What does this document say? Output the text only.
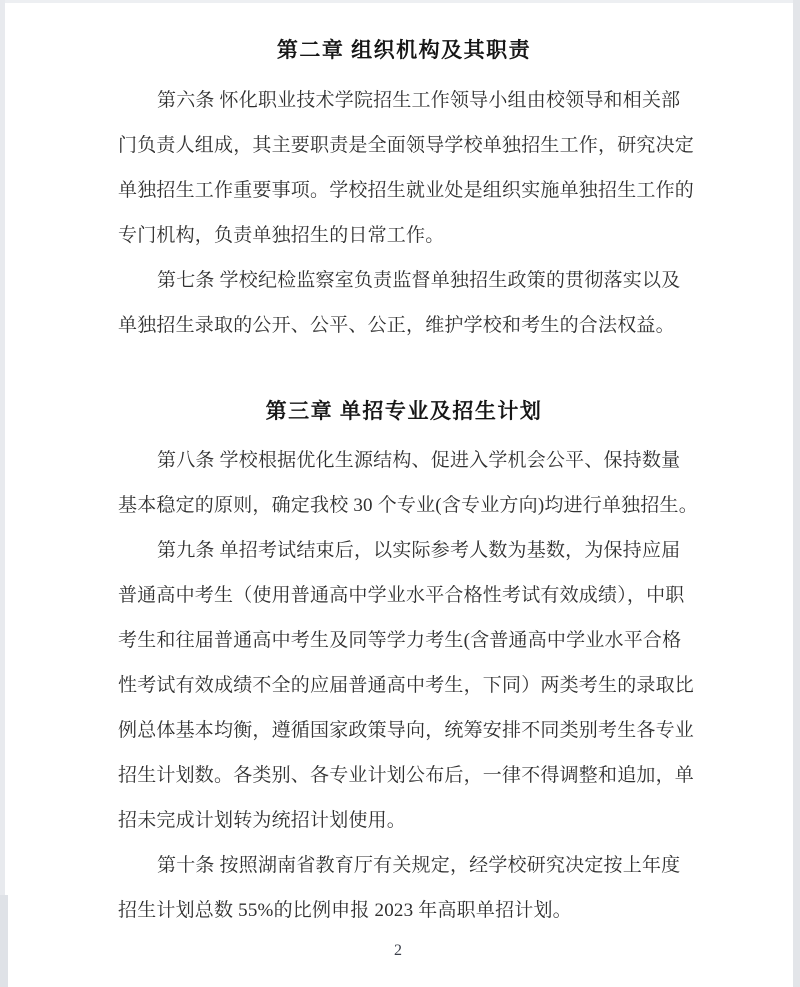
第二章 组织机构及其职责
第六条 怀化职业技术学院招生工作领导小组由校领导和相关部
门负责人组成，其主要职责是全面领导学校单独招生工作，研究决定
单独招生工作重要事项。学校招生就业处是组织实施单独招生工作的
专门机构，负责单独招生的日常工作。
第七条 学校纪检监察室负责监督单独招生政策的贯彻落实以及
单独招生录取的公开、公平、公正，维护学校和考生的合法权益。
第三章 单招专业及招生计划
第八条 学校根据优化生源结构、促进入学机会公平、保持数量
基本稳定的原则，确定我校 30 个专业(含专业方向)均进行单独招生。
第九条 单招考试结束后，以实际参考人数为基数，为保持应届
普通高中考生（使用普通高中学业水平合格性考试有效成绩），中职
考生和往届普通高中考生及同等学力考生(含普通高中学业水平合格
性考试有效成绩不全的应届普通高中考生，下同）两类考生的录取比
例总体基本均衡，遵循国家政策导向，统筹安排不同类别考生各专业
招生计划数。各类别、各专业计划公布后，一律不得调整和追加，单
招未完成计划转为统招计划使用。
第十条 按照湖南省教育厅有关规定，经学校研究决定按上年度
招生计划总数 55%的比例申报 2023 年高职单招计划。
2
